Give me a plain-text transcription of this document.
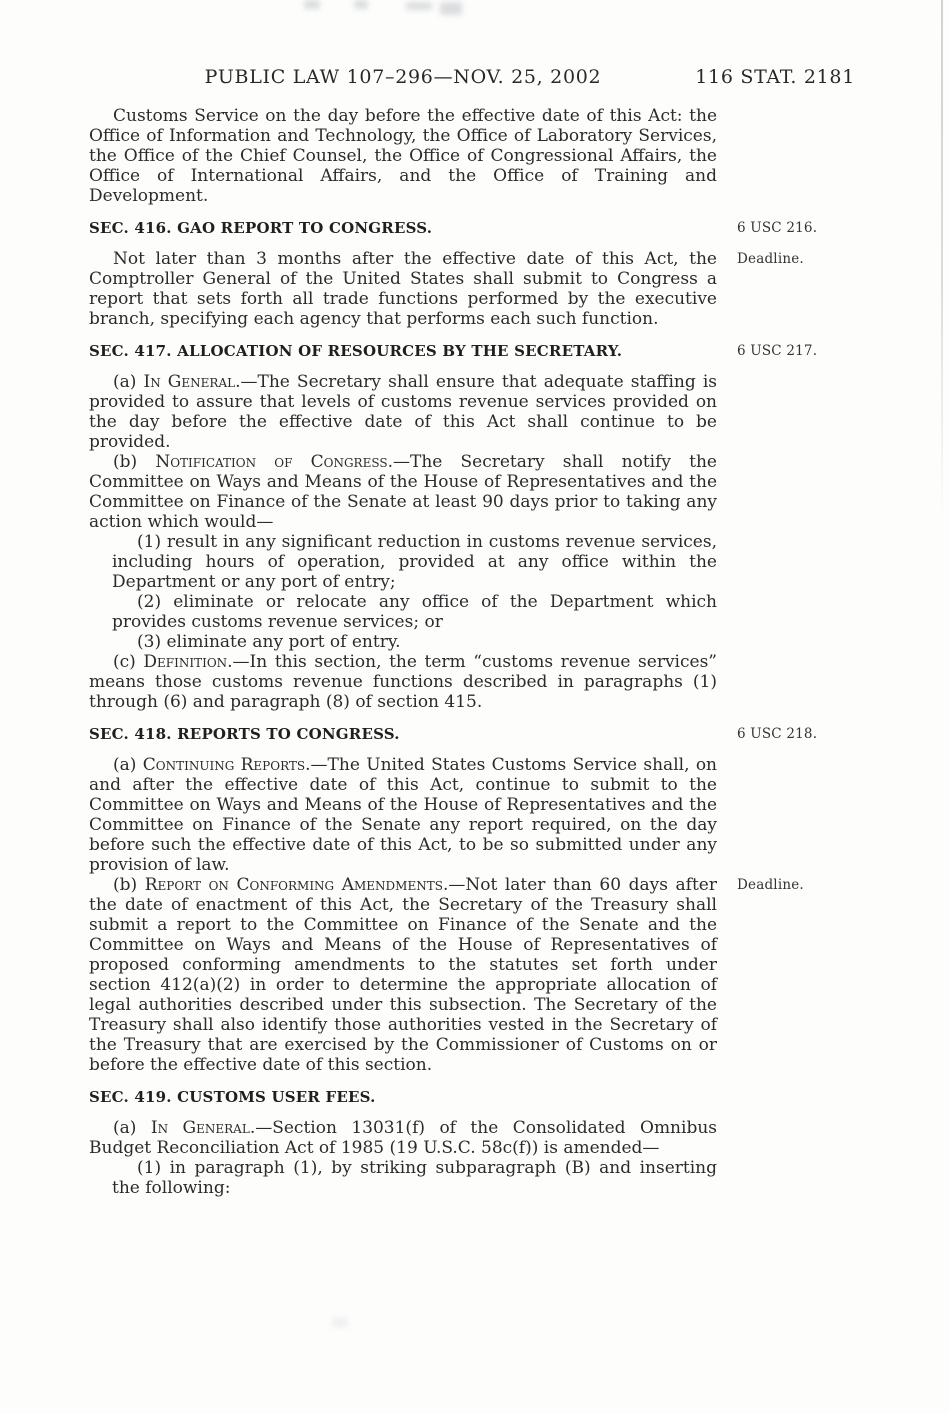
PUBLIC LAW 107–296—NOV. 25, 2002	116 STAT. 2181

Customs Service on the day before the effective date of this Act: the Office of Information and Technology, the Office of Laboratory Services, the Office of the Chief Counsel, the Office of Congressional Affairs, the Office of International Affairs, and the Office of Training and Development.

SEC. 416. GAO REPORT TO CONGRESS.	6 USC 216.

Not later than 3 months after the effective date of this Act, the Comptroller General of the United States shall submit to Congress a report that sets forth all trade functions performed by the executive branch, specifying each agency that performs each such function.
Deadline.

SEC. 417. ALLOCATION OF RESOURCES BY THE SECRETARY.	6 USC 217.

(a) In General.—The Secretary shall ensure that adequate staffing is provided to assure that levels of customs revenue services provided on the day before the effective date of this Act shall continue to be provided.

(b) Notification of Congress.—The Secretary shall notify the Committee on Ways and Means of the House of Representatives and the Committee on Finance of the Senate at least 90 days prior to taking any action which would—

(1) result in any significant reduction in customs revenue services, including hours of operation, provided at any office within the Department or any port of entry;

(2) eliminate or relocate any office of the Department which provides customs revenue services; or

(3) eliminate any port of entry.

(c) Definition.—In this section, the term “customs revenue services” means those customs revenue functions described in paragraphs (1) through (6) and paragraph (8) of section 415.

SEC. 418. REPORTS TO CONGRESS.	6 USC 218.

(a) Continuing Reports.—The United States Customs Service shall, on and after the effective date of this Act, continue to submit to the Committee on Ways and Means of the House of Representatives and the Committee on Finance of the Senate any report required, on the day before such the effective date of this Act, to be so submitted under any provision of law.

(b) Report on Conforming Amendments.—Not later than 60 days after the date of enactment of this Act, the Secretary of the Treasury shall submit a report to the Committee on Finance of the Senate and the Committee on Ways and Means of the House of Representatives of proposed conforming amendments to the statutes set forth under section 412(a)(2) in order to determine the appropriate allocation of legal authorities described under this subsection. The Secretary of the Treasury shall also identify those authorities vested in the Secretary of the Treasury that are exercised by the Commissioner of Customs on or before the effective date of this section.
Deadline.

SEC. 419. CUSTOMS USER FEES.

(a) In General.—Section 13031(f) of the Consolidated Omnibus Budget Reconciliation Act of 1985 (19 U.S.C. 58c(f)) is amended—

(1) in paragraph (1), by striking subparagraph (B) and inserting the following:
